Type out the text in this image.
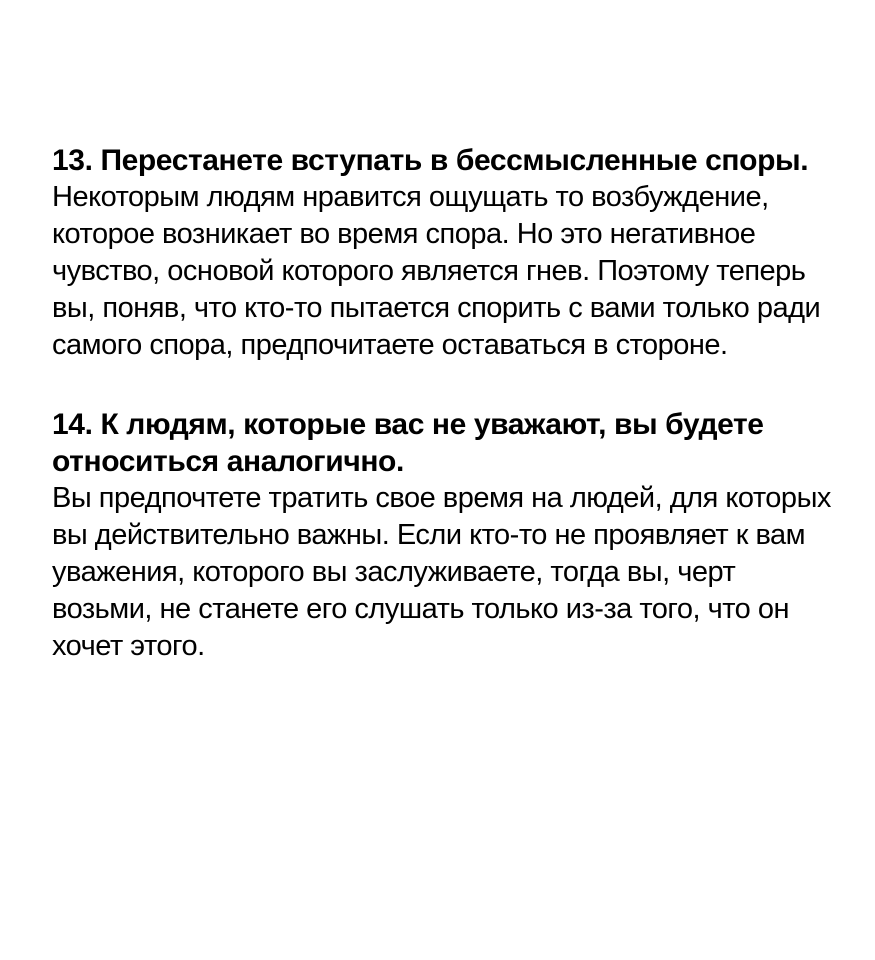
13. Перестанете вступать в бессмысленные споры.

Некоторым людям нравится ощущать то возбуждение, которое возникает во время спора. Но это негативное чувство, основой которого является гнев. Поэтому теперь вы, поняв, что кто-то пытается спорить с вами только ради самого спора, предпочитаете оставаться в стороне.

14. К людям, которые вас не уважают, вы будете относиться аналогично.

Вы предпочтете тратить свое время на людей, для которых вы действительно важны. Если кто-то не проявляет к вам уважения, которого вы заслуживаете, тогда вы, черт возьми, не станете его слушать только из-за того, что он хочет этого.
